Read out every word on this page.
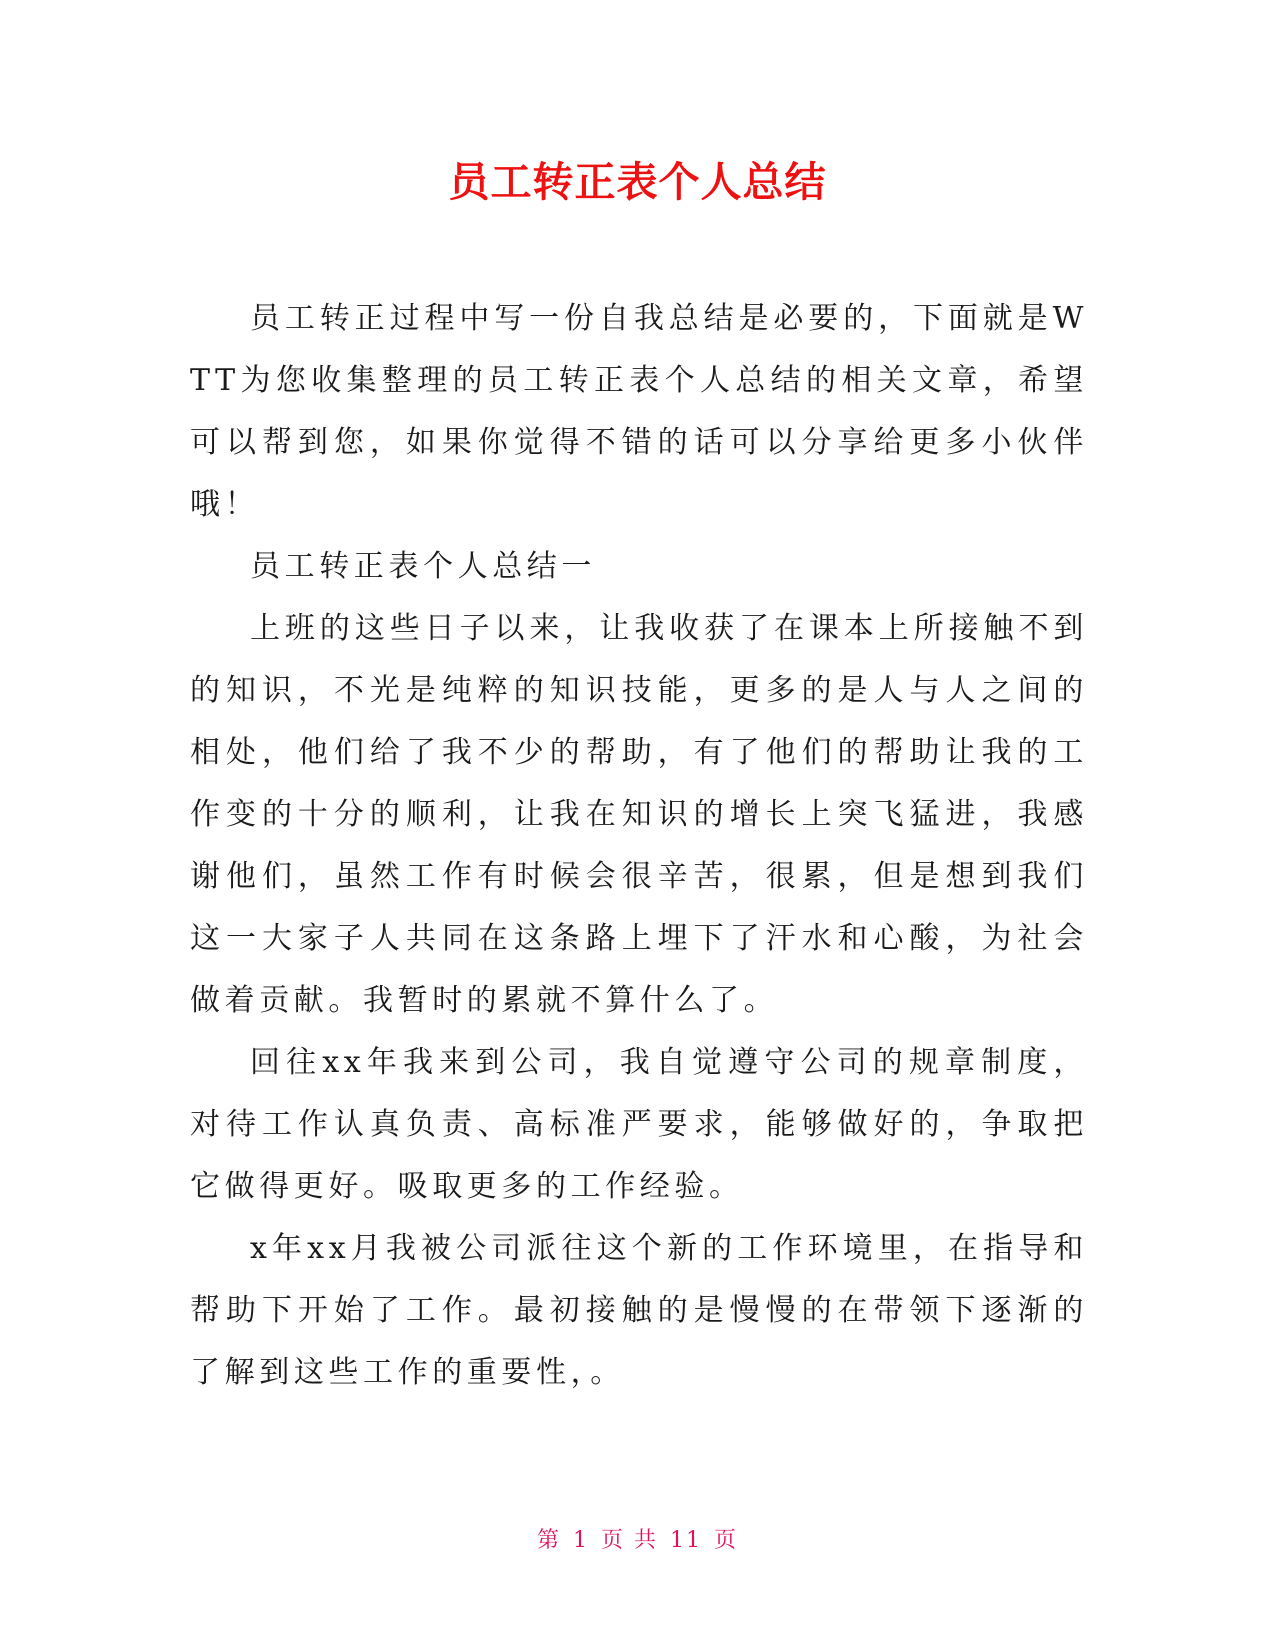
员工转正表个人总结

员工转正过程中写一份自我总结是必要的，下面就是WTT为您收集整理的员工转正表个人总结的相关文章，希望可以帮到您，如果你觉得不错的话可以分享给更多小伙伴哦！

员工转正表个人总结一

上班的这些日子以来，让我收获了在课本上所接触不到的知识，不光是纯粹的知识技能，更多的是人与人之间的相处，他们给了我不少的帮助，有了他们的帮助让我的工作变的十分的顺利，让我在知识的增长上突飞猛进，我感谢他们，虽然工作有时候会很辛苦，很累，但是想到我们这一大家子人共同在这条路上埋下了汗水和心酸，为社会做着贡献。我暂时的累就不算什么了。

回往xx年我来到公司，我自觉遵守公司的规章制度，对待工作认真负责、高标准严要求，能够做好的，争取把它做得更好。吸取更多的工作经验。

x年xx月我被公司派往这个新的工作环境里，在指导和帮助下开始了工作。最初接触的是慢慢的在带领下逐渐的了解到这些工作的重要性，。

第 1 页 共 11 页
